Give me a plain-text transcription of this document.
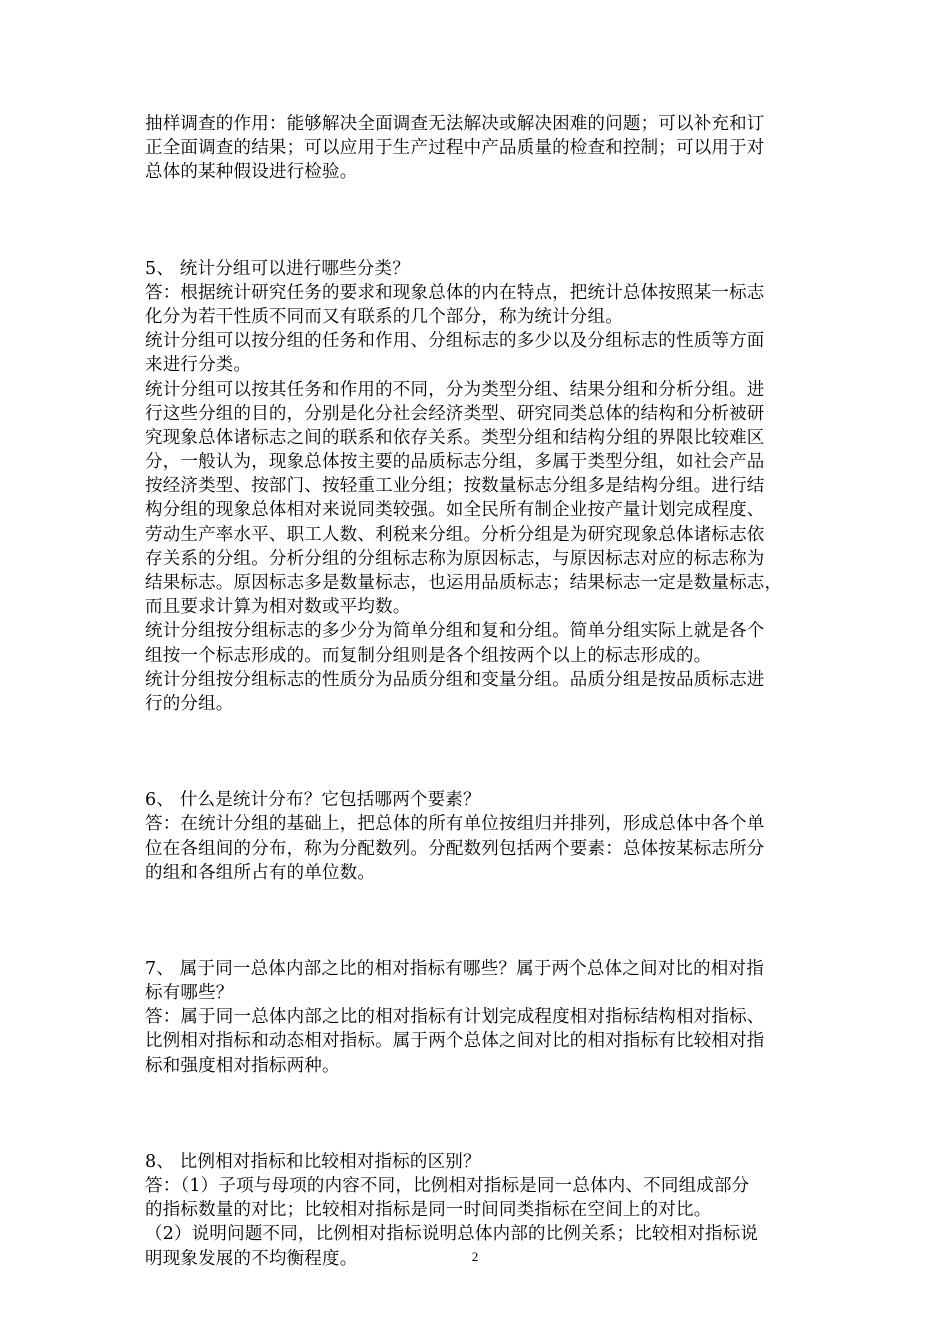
抽样调查的作用：能够解决全面调查无法解决或解决困难的问题；可以补充和订
正全面调查的结果；可以应用于生产过程中产品质量的检查和控制；可以用于对
总体的某种假设进行检验。
5、 统计分组可以进行哪些分类？
答：根据统计研究任务的要求和现象总体的内在特点，把统计总体按照某一标志
化分为若干性质不同而又有联系的几个部分，称为统计分组。
统计分组可以按分组的任务和作用、分组标志的多少以及分组标志的性质等方面
来进行分类。
统计分组可以按其任务和作用的不同，分为类型分组、结果分组和分析分组。进
行这些分组的目的，分别是化分社会经济类型、研究同类总体的结构和分析被研
究现象总体诸标志之间的联系和依存关系。类型分组和结构分组的界限比较难区
分，一般认为，现象总体按主要的品质标志分组，多属于类型分组，如社会产品
按经济类型、按部门、按轻重工业分组；按数量标志分组多是结构分组。进行结
构分组的现象总体相对来说同类较强。如全民所有制企业按产量计划完成程度、
劳动生产率水平、职工人数、利税来分组。分析分组是为研究现象总体诸标志依
存关系的分组。分析分组的分组标志称为原因标志，与原因标志对应的标志称为
结果标志。原因标志多是数量标志，也运用品质标志；结果标志一定是数量标志，
而且要求计算为相对数或平均数。
统计分组按分组标志的多少分为简单分组和复和分组。简单分组实际上就是各个
组按一个标志形成的。而复制分组则是各个组按两个以上的标志形成的。
统计分组按分组标志的性质分为品质分组和变量分组。品质分组是按品质标志进
行的分组。
6、 什么是统计分布？它包括哪两个要素？
答：在统计分组的基础上，把总体的所有单位按组归并排列，形成总体中各个单
位在各组间的分布，称为分配数列。分配数列包括两个要素：总体按某标志所分
的组和各组所占有的单位数。
7、 属于同一总体内部之比的相对指标有哪些？属于两个总体之间对比的相对指
标有哪些？
答：属于同一总体内部之比的相对指标有计划完成程度相对指标结构相对指标、
比例相对指标和动态相对指标。属于两个总体之间对比的相对指标有比较相对指
标和强度相对指标两种。
8、 比例相对指标和比较相对指标的区别？
答：（1）子项与母项的内容不同，比例相对指标是同一总体内、不同组成部分
的指标数量的对比；比较相对指标是同一时间同类指标在空间上的对比。
（2）说明问题不同，比例相对指标说明总体内部的比例关系；比较相对指标说
明现象发展的不均衡程度。	2
